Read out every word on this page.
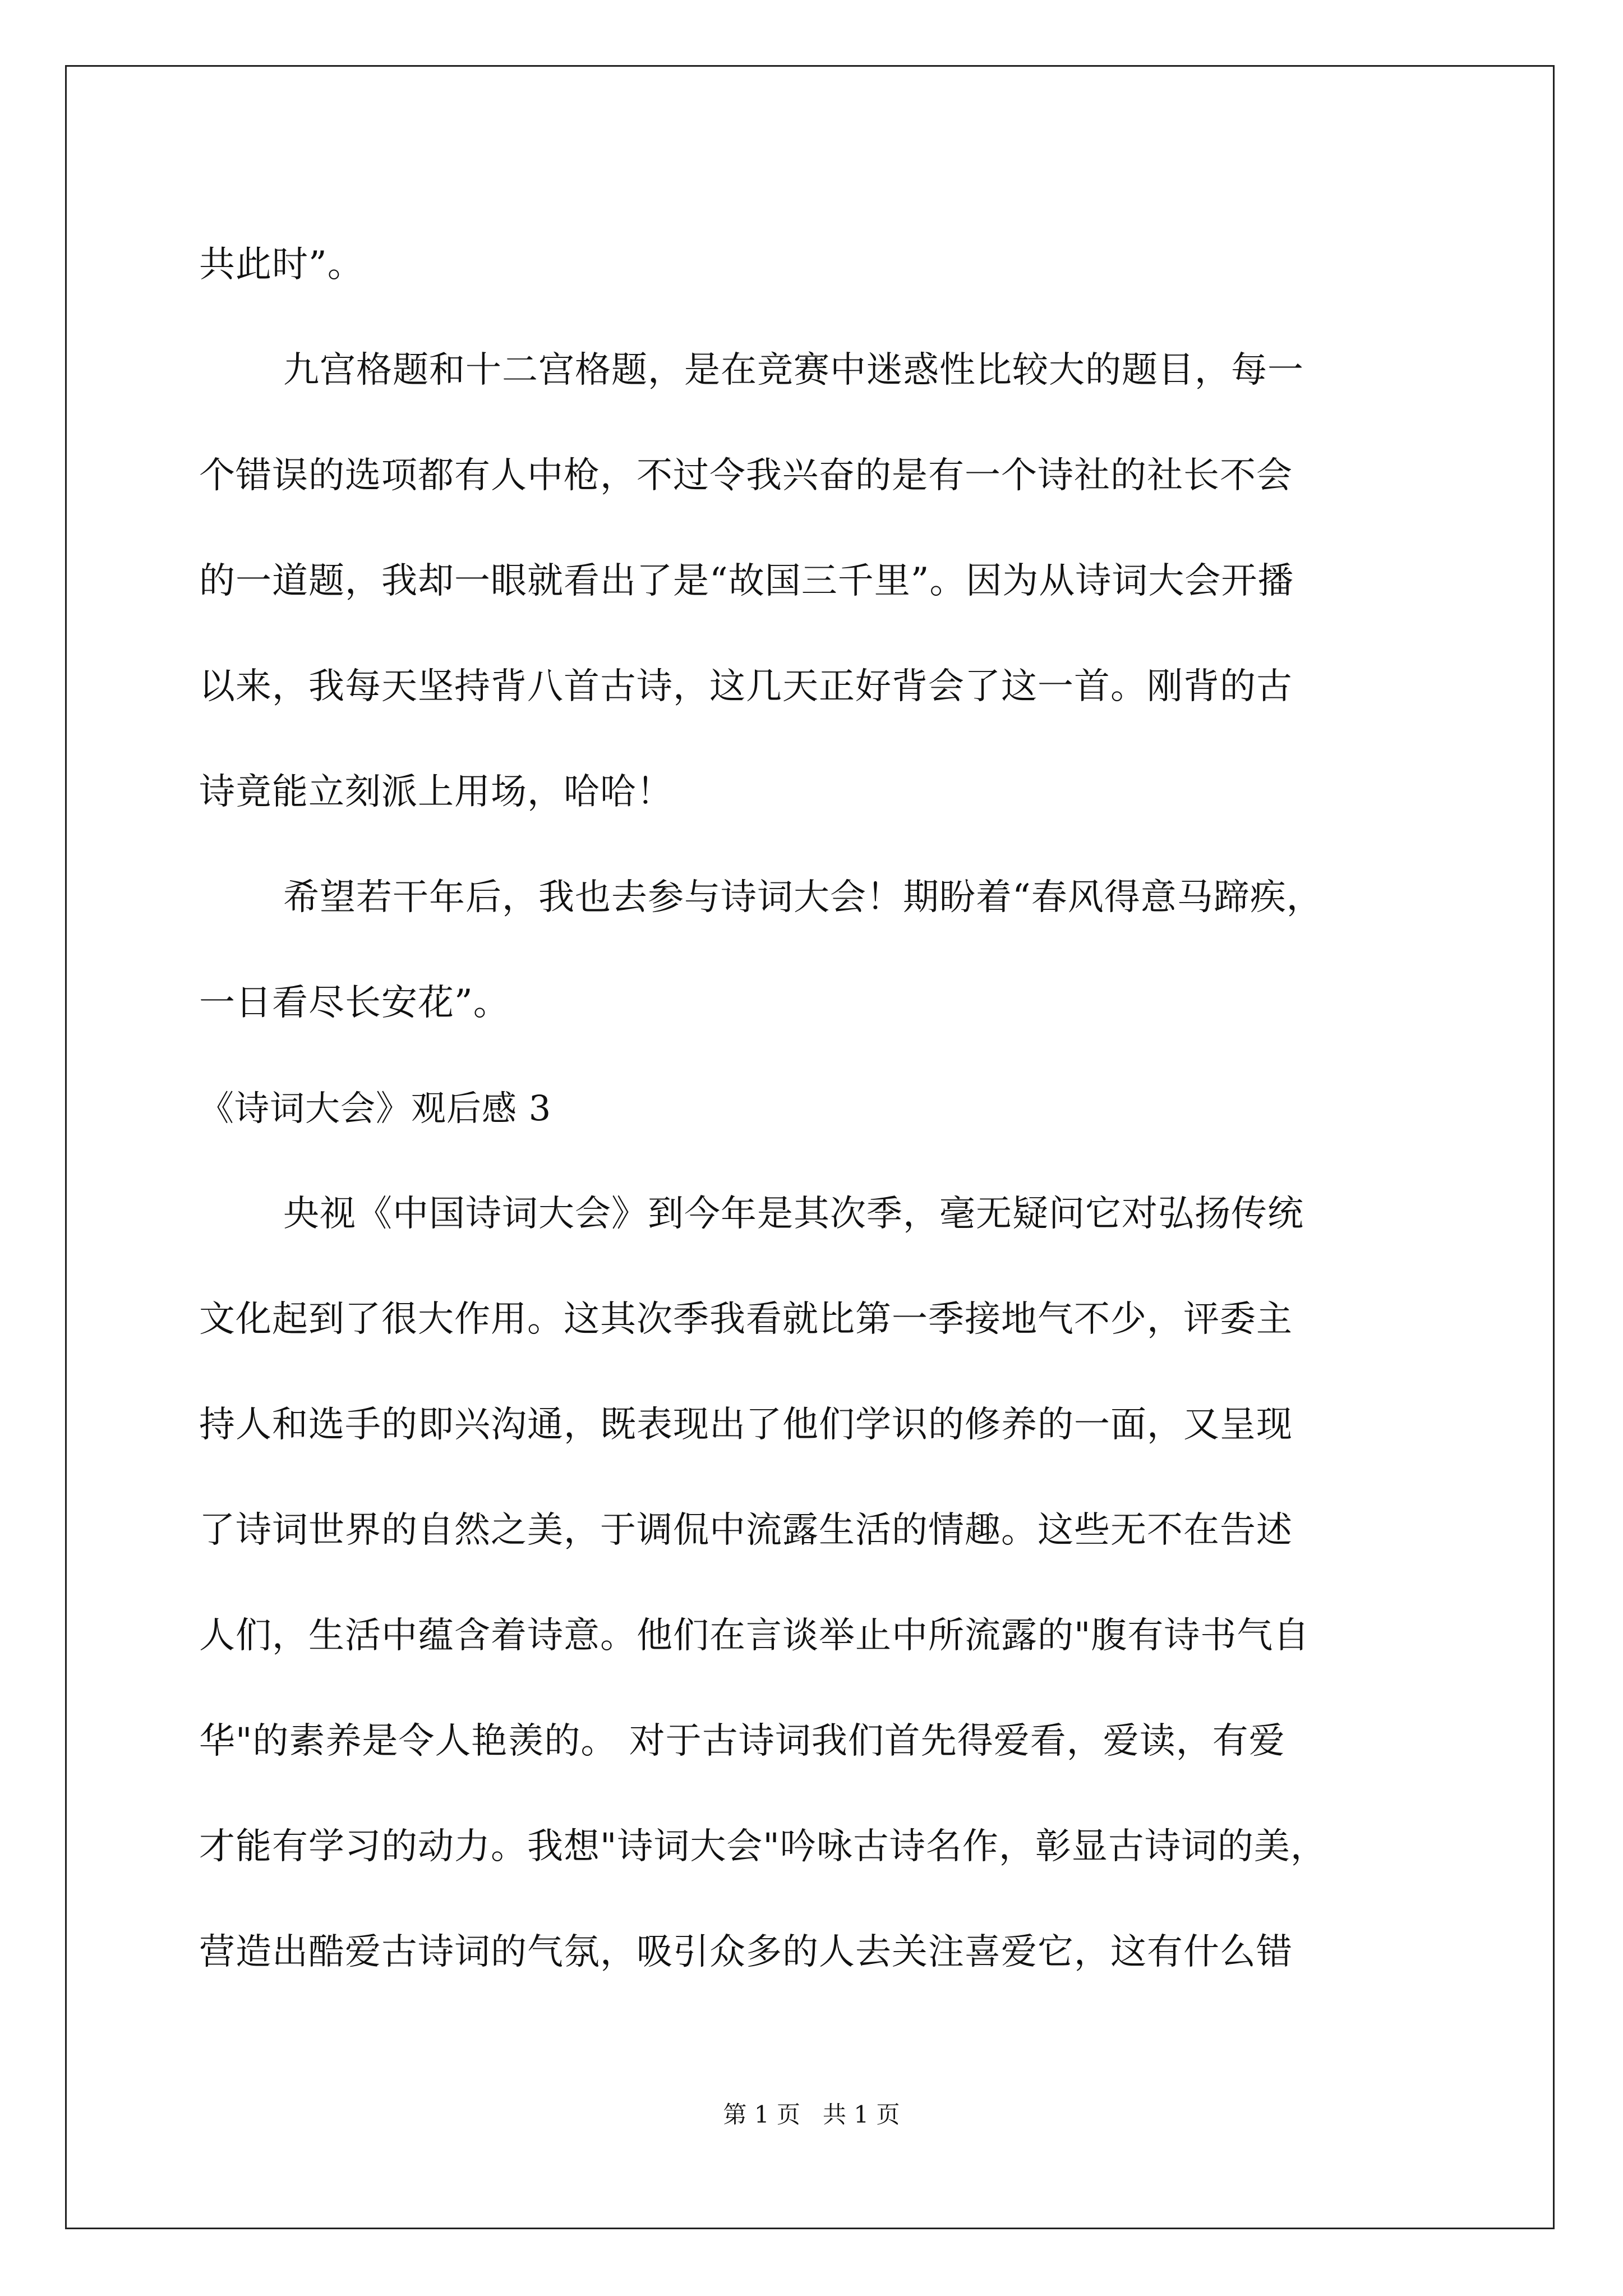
共此时”。
九宫格题和十二宫格题，是在竞赛中迷惑性比较大的题目，每一
个错误的选项都有人中枪，不过令我兴奋的是有一个诗社的社长不会
的一道题，我却一眼就看出了是“故国三千里”。因为从诗词大会开播
以来，我每天坚持背八首古诗，这几天正好背会了这一首。刚背的古
诗竟能立刻派上用场，哈哈！
希望若干年后，我也去参与诗词大会！期盼着“春风得意马蹄疾，
一日看尽长安花”。
《诗词大会》观后感 3
央视《中国诗词大会》到今年是其次季，毫无疑问它对弘扬传统
文化起到了很大作用。这其次季我看就比第一季接地气不少，评委主
持人和选手的即兴沟通，既表现出了他们学识的修养的一面，又呈现
了诗词世界的自然之美，于调侃中流露生活的情趣。这些无不在告述
人们，生活中蕴含着诗意。他们在言谈举止中所流露的"腹有诗书气自
华"的素养是令人艳羡的。 对于古诗词我们首先得爱看，爱读，有爱
才能有学习的动力。我想"诗词大会"吟咏古诗名作，彰显古诗词的美，
营造出酷爱古诗词的气氛，吸引众多的人去关注喜爱它，这有什么错
第 1 页   共 1 页
